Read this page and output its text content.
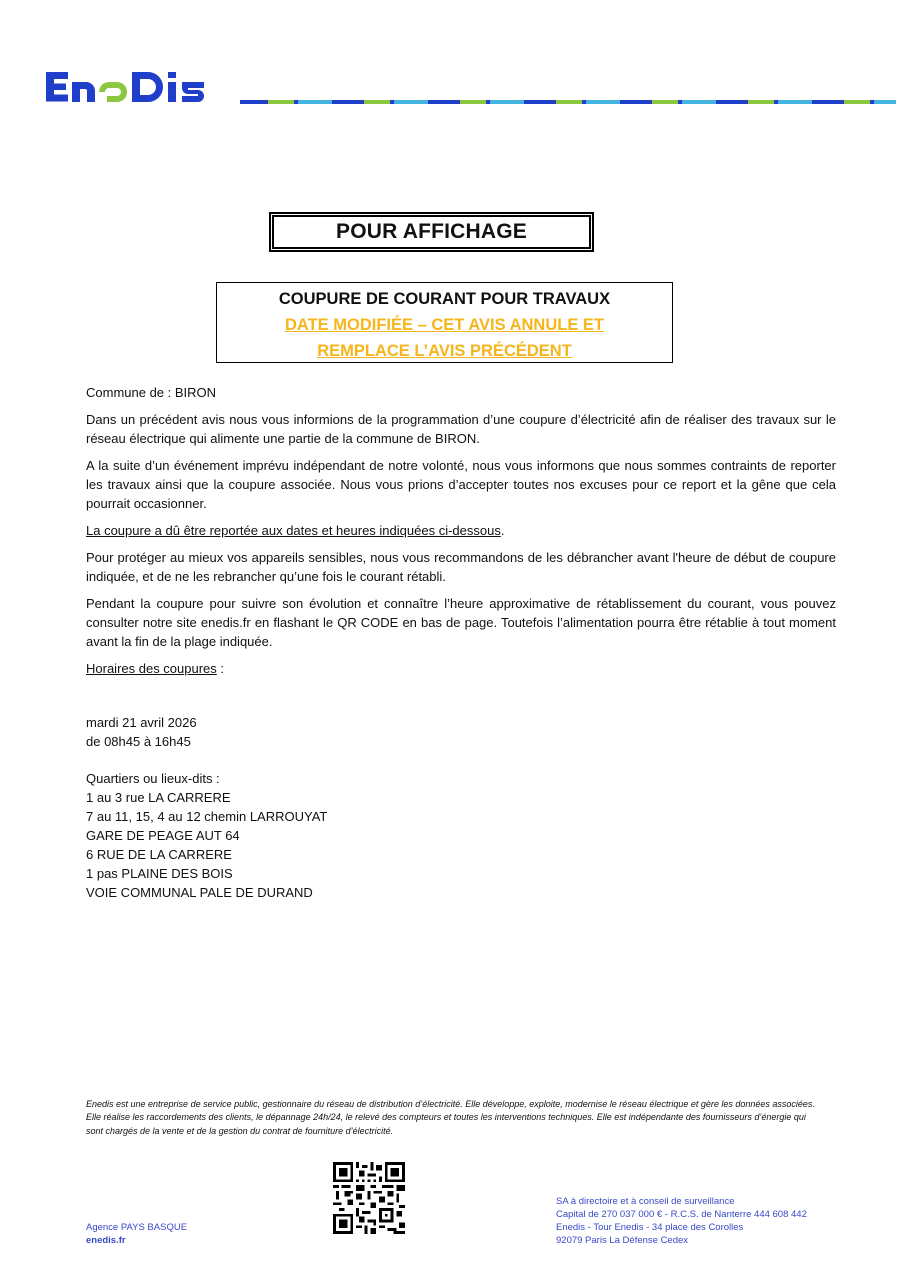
POUR AFFICHAGE
COUPURE DE COURANT POUR TRAVAUX
DATE MODIFIÉE – CET AVIS ANNULE ET
REMPLACE L’AVIS PRÉCÉDENT

Commune de : BIRON

Dans un précédent avis nous vous informions de la programmation d’une coupure d’électricité afin de réaliser des travaux sur le réseau électrique qui alimente une partie de la commune de BIRON.

A la suite d’un événement imprévu indépendant de notre volonté, nous vous informons que nous sommes contraints de reporter les travaux ainsi que la coupure associée. Nous vous prions d’accepter toutes nos excuses pour ce report et la gêne que cela pourrait occasionner.

La coupure a dû être reportée aux dates et heures indiquées ci-dessous.

Pour protéger au mieux vos appareils sensibles, nous vous recommandons de les débrancher avant l'heure de début de coupure indiquée, et de ne les rebrancher qu’une fois le courant rétabli.

Pendant la coupure pour suivre son évolution et connaître l’heure approximative de rétablissement du courant, vous pouvez consulter notre site enedis.fr en flashant le QR CODE en bas de page. Toutefois l’alimentation pourra être rétablie à tout moment avant la fin de la plage indiquée.

Horaires des coupures :

mardi 21 avril 2026
de 08h45 à 16h45
Quartiers ou lieux-dits :
1 au 3 rue LA CARRERE
7 au 11, 15, 4 au 12 chemin LARROUYAT
GARE DE PEAGE AUT 64
6 RUE DE LA CARRERE
1 pas PLAINE DES BOIS
VOIE COMMUNAL PALE DE DURAND
Enedis est une entreprise de service public, gestionnaire du réseau de distribution d’électricité. Elle développe, exploite, modernise le réseau électrique et gère les données associées. Elle réalise les raccordements des clients, le dépannage 24h/24, le relevé des compteurs et toutes les interventions techniques. Elle est indépendante des fournisseurs d’énergie qui sont chargés de la vente et de la gestion du contrat de fourniture d’électricité.
Agence PAYS BASQUE
enedis.fr
SA à directoire et à conseil de surveillance
Capital de 270 037 000 € - R.C.S. de Nanterre 444 608 442
Enedis - Tour Enedis - 34 place des Corolles
92079 Paris La Défense Cedex
